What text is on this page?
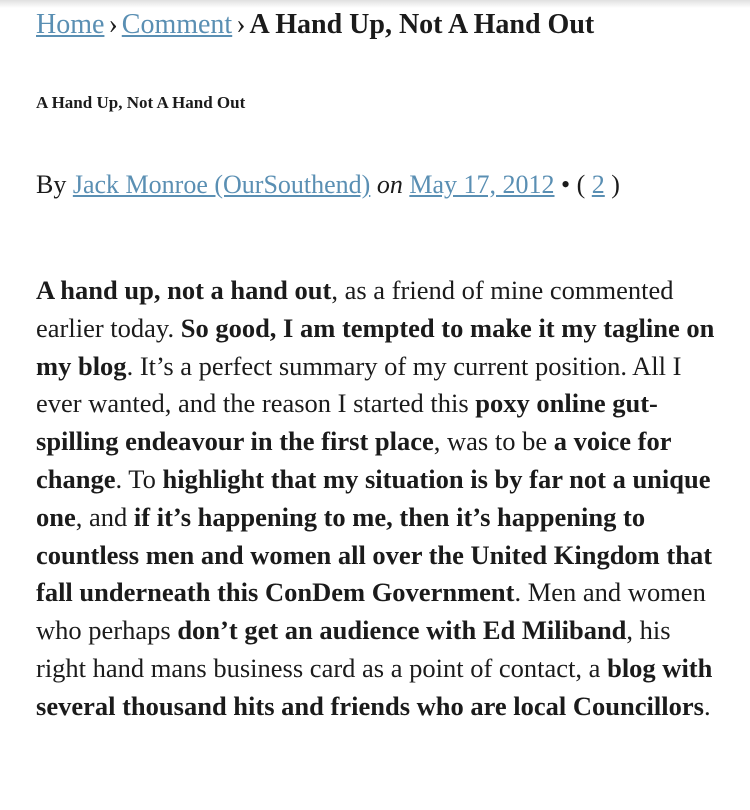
Home › Comment › A Hand Up, Not A Hand Out
A Hand Up, Not A Hand Out
By Jack Monroe (OurSouthend) on May 17, 2012 • ( 2 )

A hand up, not a hand out, as a friend of mine commented earlier today. So good, I am tempted to make it my tagline on my blog. It’s a perfect summary of my current position. All I ever wanted, and the reason I started this poxy online gut-spilling endeavour in the first place, was to be a voice for change. To highlight that my situation is by far not a unique one, and if it’s happening to me, then it’s happening to countless men and women all over the United Kingdom that fall underneath this ConDem Government. Men and women who perhaps don’t get an audience with Ed Miliband, his right hand mans business card as a point of contact, a blog with several thousand hits and friends who are local Councillors.
